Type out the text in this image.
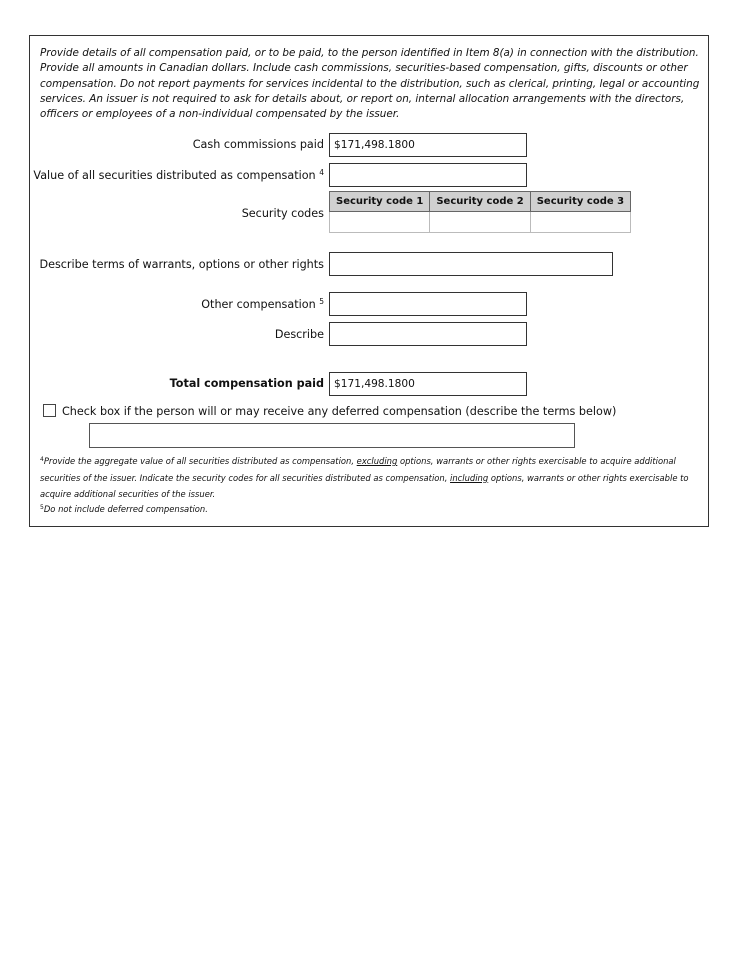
Provide details of all compensation paid, or to be paid, to the person identified in Item 8(a) in connection with the distribution. Provide all amounts in Canadian dollars. Include cash commissions, securities-based compensation, gifts, discounts or other compensation. Do not report payments for services incidental to the distribution, such as clerical, printing, legal or accounting services. An issuer is not required to ask for details about, or report on, internal allocation arrangements with the directors, officers or employees of a non-individual compensated by the issuer.

Cash commissions paid $171,498.1800
Value of all securities distributed as compensation $^4$
Security codes
Security code 1	Security code 2	Security code 3

Describe terms of warrants, options or other rights
Other compensation $^5$
Describe
Total compensation paid $171,498.1800
Check box if the person will or may receive any deferred compensation (describe the terms below)

$^4$Provide the aggregate value of all securities distributed as compensation, excluding options, warrants or other rights exercisable to acquire additional securities of the issuer. Indicate the security codes for all securities distributed as compensation, including options, warrants or other rights exercisable to acquire additional securities of the issuer.

$^5$Do not include deferred compensation.
